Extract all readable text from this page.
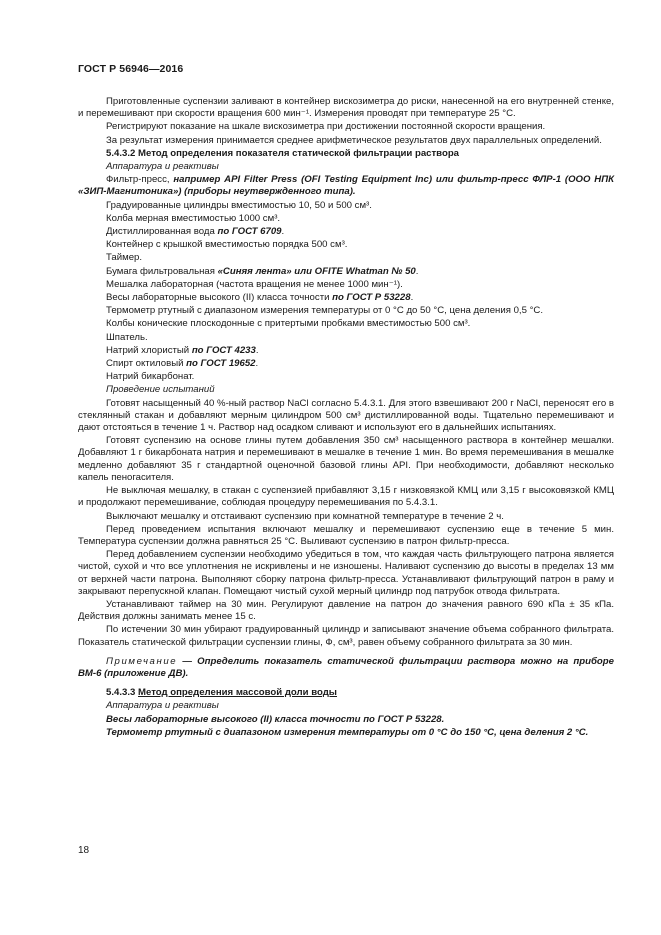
ГОСТ Р 56946—2016

Приготовленные суспензии заливают в контейнер вискозиметра до риски, нанесенной на его внутренней стенке, и перемешивают при скорости вращения 600 мин⁻¹. Измерения проводят при температуре 25 °С.

Регистрируют показание на шкале вискозиметра при достижении постоянной скорости вращения.

За результат измерения принимается среднее арифметическое результатов двух параллельных определений.

5.4.3.2 Метод определения показателя статической фильтрации раствора

Аппаратура и реактивы

Фильтр-пресс, например API Filter Press (OFI Testing Equipment Inc) или фильтр-пресс ФЛР-1 (ООО НПК «ЗИП-Магнитоника») (приборы неутвержденного типа).

Градуированные цилиндры вместимостью 10, 50 и 500 см³.

Колба мерная вместимостью 1000 см³.

Дистиллированная вода по ГОСТ 6709.

Контейнер с крышкой вместимостью порядка 500 см³.

Таймер.

Бумага фильтровальная «Синяя лента» или OFITE Whatman № 50.

Мешалка лабораторная (частота вращения не менее 1000 мин⁻¹).

Весы лабораторные высокого (II) класса точности по ГОСТ Р 53228.

Термометр ртутный с диапазоном измерения температуры от 0 °С до 50 °С, цена деления 0,5 °С.

Колбы конические плоскодонные с притертыми пробками вместимостью 500 см³.

Шпатель.

Натрий хлористый по ГОСТ 4233.

Спирт октиловый по ГОСТ 19652.

Натрий бикарбонат.

Проведение испытаний

Готовят насыщенный 40 %-ный раствор NaCl согласно 5.4.3.1. Для этого взвешивают 200 г NaCl, переносят его в стеклянный стакан и добавляют мерным цилиндром 500 см³ дистиллированной воды. Тщательно перемешивают и дают отстояться в течение 1 ч. Раствор над осадком сливают и используют его в дальнейших испытаниях.

Готовят суспензию на основе глины путем добавления 350 см³ насыщенного раствора в контейнер мешалки. Добавляют 1 г бикарбоната натрия и перемешивают в мешалке в течение 1 мин. Во время перемешивания в мешалке медленно добавляют 35 г стандартной оценочной базовой глины API. При необходимости, добавляют несколько капель пеногасителя.

Не выключая мешалку, в стакан с суспензией прибавляют 3,15 г низковязкой КМЦ или 3,15 г высоковязкой КМЦ и продолжают перемешивание, соблюдая процедуру перемешивания по 5.4.3.1.

Выключают мешалку и отстаивают суспензию при комнатной температуре в течение 2 ч.

Перед проведением испытания включают мешалку и перемешивают суспензию еще в течение 5 мин. Температура суспензии должна равняться 25 °С. Выливают суспензию в патрон фильтр-пресса.

Перед добавлением суспензии необходимо убедиться в том, что каждая часть фильтрующего патрона является чистой, сухой и что все уплотнения не искривлены и не изношены. Наливают суспензию до высоты в пределах 13 мм от верхней части патрона. Выполняют сборку патрона фильтр-пресса. Устанавливают фильтрующий патрон в раму и закрывают перепускной клапан. Помещают чистый сухой мерный цилиндр под патрубок отвода фильтрата.

Устанавливают таймер на 30 мин. Регулируют давление на патрон до значения равного 690 кПа ± 35 кПа. Действия должны занимать менее 15 с.

По истечении 30 мин убирают градуированный цилиндр и записывают значение объема собранного фильтрата. Показатель статической фильтрации суспензии глины, Ф, см³, равен объему собранного фильтрата за 30 мин.

Примечание — Определить показатель статической фильтрации раствора можно на приборе ВМ-6 (приложение ДВ).

5.4.3.3 Метод определения массовой доли воды

Аппаратура и реактивы

Весы лабораторные высокого (II) класса точности по ГОСТ Р 53228.

Термометр ртутный с диапазоном измерения температуры от 0 °С до 150 °С, цена деления 2 °С.

18
